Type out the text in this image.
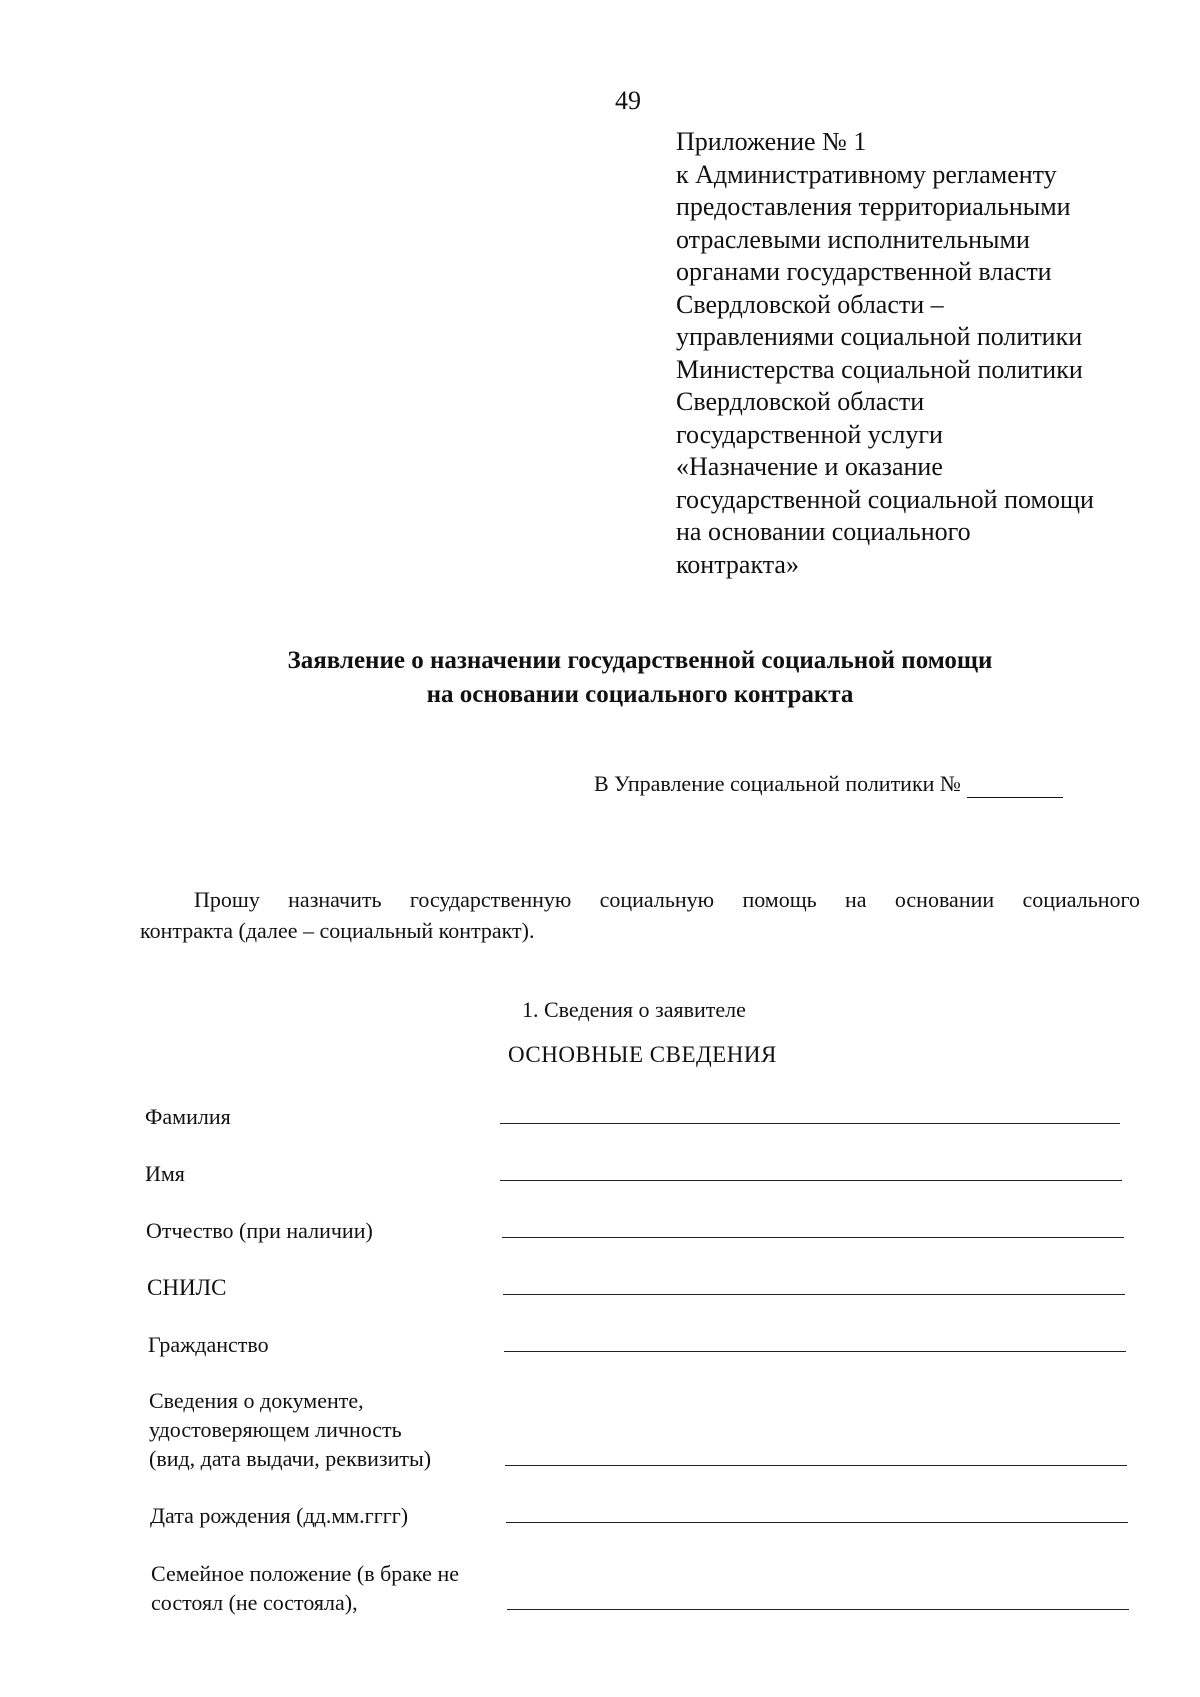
49
Приложение № 1
к Административному регламенту
предоставления территориальными
отраслевыми исполнительными
органами государственной власти
Свердловской области –
управлениями социальной политики
Министерства социальной политики
Свердловской области
государственной услуги
«Назначение и оказание
государственной социальной помощи
на основании социального
контракта»
Заявление о назначении государственной социальной помощи
на основании социального контракта
В Управление социальной политики №
Прошу назначить государственную социальную помощь на основании социального
контракта (далее – социальный контракт).
1. Сведения о заявителе
ОСНОВНЫЕ СВЕДЕНИЯ
Фамилия
Имя
Отчество (при наличии)
СНИЛС
Гражданство
Сведения о документе,
удостоверяющем личность
(вид, дата выдачи, реквизиты)
Дата рождения (дд.мм.гггг)
Семейное положение (в браке не
состоял (не состояла),
